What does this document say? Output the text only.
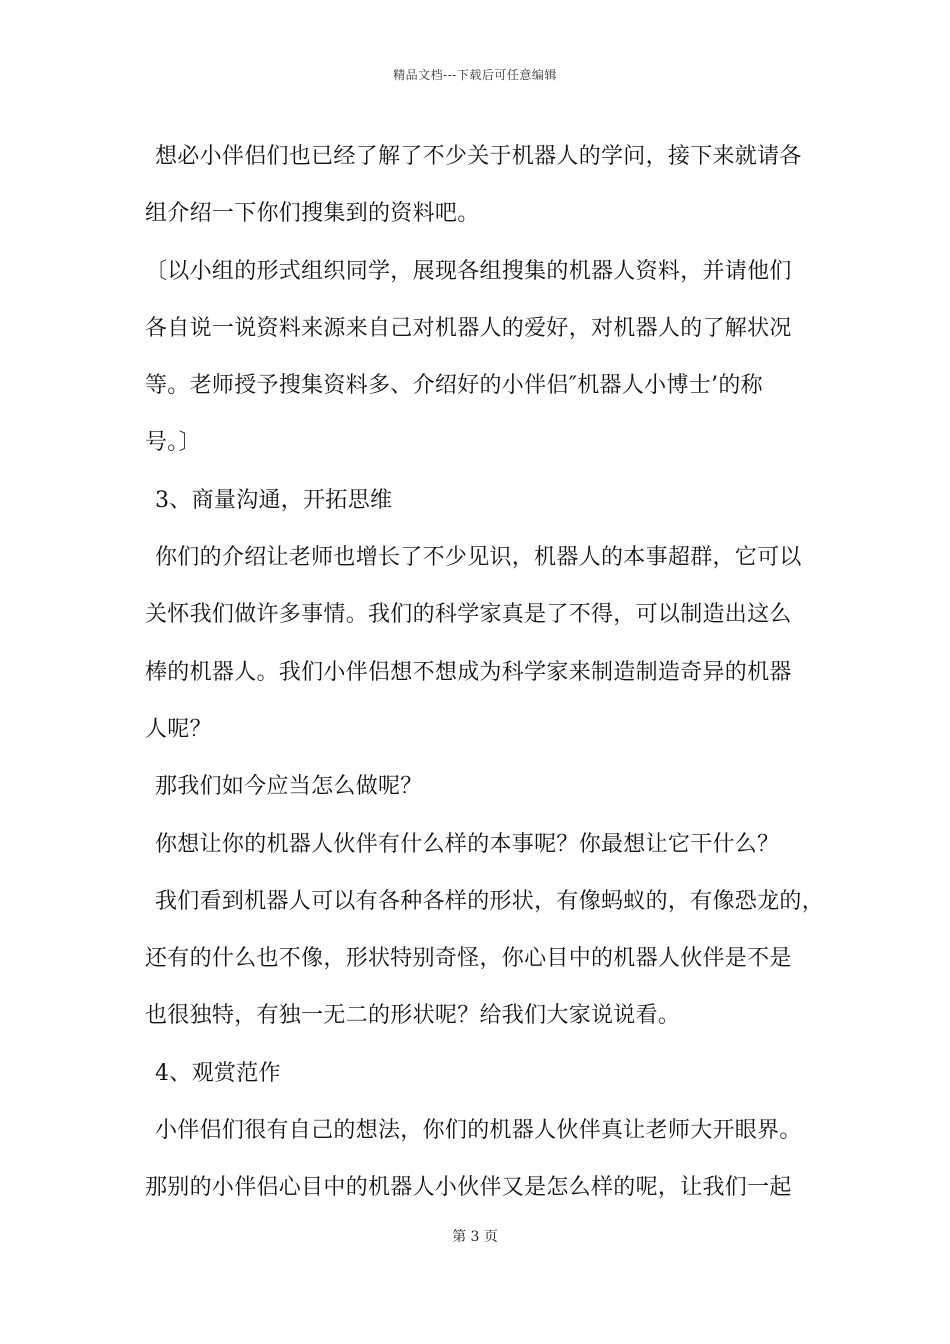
精品文档---下载后可任意编辑
想必小伴侣们也已经了解了不少关于机器人的学问，接下来就请各
组介绍一下你们搜集到的资料吧。
〔以小组的形式组织同学，展现各组搜集的机器人资料，并请他们
各自说一说资料来源来自己对机器人的爱好，对机器人的了解状况
等。老师授予搜集资料多、介绍好的小伴侣″机器人小博士’的称
号。〕
3、商量沟通，开拓思维
你们的介绍让老师也增长了不少见识，机器人的本事超群，它可以
关怀我们做许多事情。我们的科学家真是了不得，可以制造出这么
棒的机器人。我们小伴侣想不想成为科学家来制造制造奇异的机器
人呢？
那我们如今应当怎么做呢？
你想让你的机器人伙伴有什么样的本事呢？你最想让它干什么？
我们看到机器人可以有各种各样的形状，有像蚂蚁的，有像恐龙的，
还有的什么也不像，形状特别奇怪，你心目中的机器人伙伴是不是
也很独特，有独一无二的形状呢？给我们大家说说看。
4、观赏范作
小伴侣们很有自己的想法，你们的机器人伙伴真让老师大开眼界。
那别的小伴侣心目中的机器人小伙伴又是怎么样的呢，让我们一起
第 3 页
